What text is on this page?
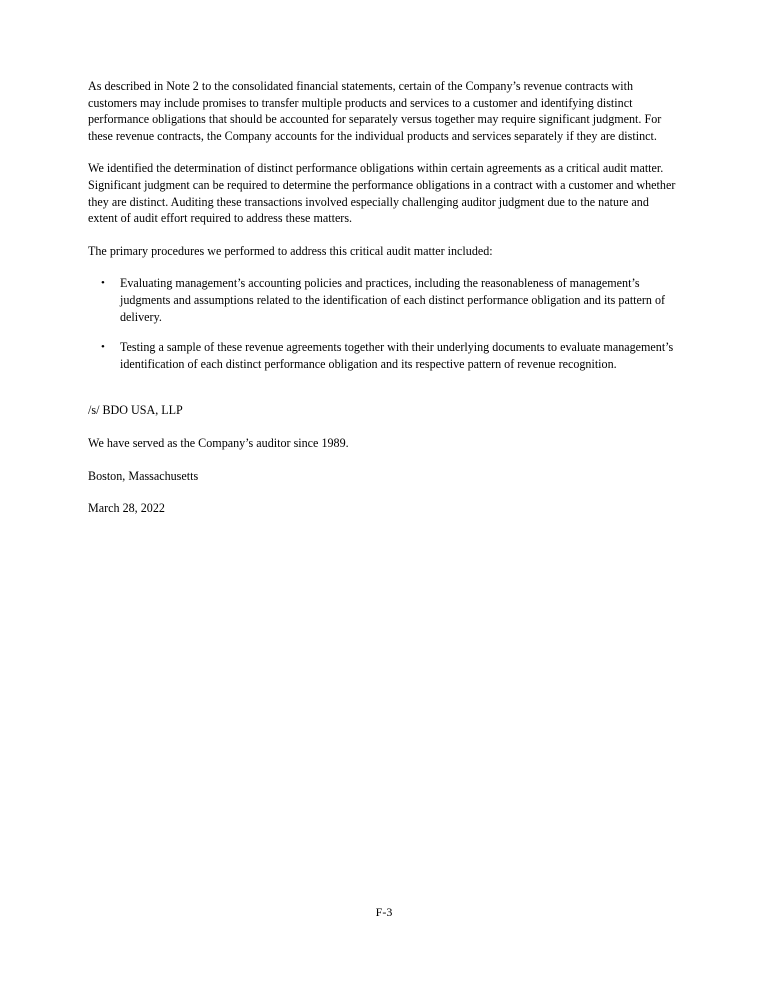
As described in Note 2 to the consolidated financial statements, certain of the Company’s revenue contracts with customers may include promises to transfer multiple products and services to a customer and identifying distinct performance obligations that should be accounted for separately versus together may require significant judgment. For these revenue contracts, the Company accounts for the individual products and services separately if they are distinct.

We identified the determination of distinct performance obligations within certain agreements as a critical audit matter. Significant judgment can be required to determine the performance obligations in a contract with a customer and whether they are distinct. Auditing these transactions involved especially challenging auditor judgment due to the nature and extent of audit effort required to address these matters.

The primary procedures we performed to address this critical audit matter included:

• Evaluating management’s accounting policies and practices, including the reasonableness of management’s judgments and assumptions related to the identification of each distinct performance obligation and its pattern of delivery.
• Testing a sample of these revenue agreements together with their underlying documents to evaluate management’s identification of each distinct performance obligation and its respective pattern of revenue recognition.

/s/ BDO USA, LLP

We have served as the Company’s auditor since 1989.

Boston, Massachusetts

March 28, 2022

F-3
